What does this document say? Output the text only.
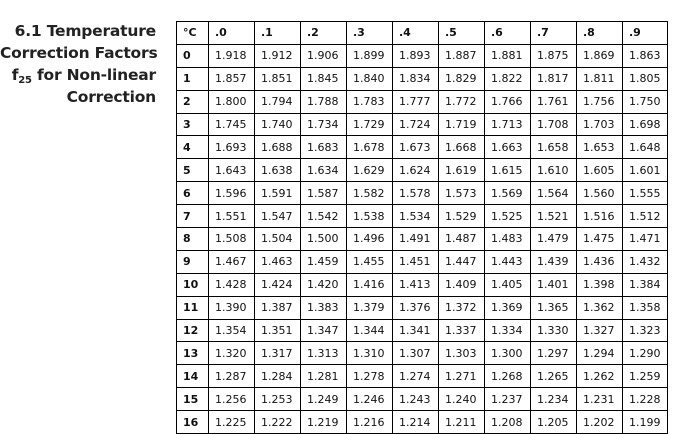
6.1 Temperature
Correction Factors
$f_{25}$ for Non-linear
Correction
°C	.0	.1	.2	.3	.4	.5	.6	.7	.8	.9
0	1.918	1.912	1.906	1.899	1.893	1.887	1.881	1.875	1.869	1.863
1	1.857	1.851	1.845	1.840	1.834	1.829	1.822	1.817	1.811	1.805
2	1.800	1.794	1.788	1.783	1.777	1.772	1.766	1.761	1.756	1.750
3	1.745	1.740	1.734	1.729	1.724	1.719	1.713	1.708	1.703	1.698
4	1.693	1.688	1.683	1.678	1.673	1.668	1.663	1.658	1.653	1.648
5	1.643	1.638	1.634	1.629	1.624	1.619	1.615	1.610	1.605	1.601
6	1.596	1.591	1.587	1.582	1.578	1.573	1.569	1.564	1.560	1.555
7	1.551	1.547	1.542	1.538	1.534	1.529	1.525	1.521	1.516	1.512
8	1.508	1.504	1.500	1.496	1.491	1.487	1.483	1.479	1.475	1.471
9	1.467	1.463	1.459	1.455	1.451	1.447	1.443	1.439	1.436	1.432
10	1.428	1.424	1.420	1.416	1.413	1.409	1.405	1.401	1.398	1.384
11	1.390	1.387	1.383	1.379	1.376	1.372	1.369	1.365	1.362	1.358
12	1.354	1.351	1.347	1.344	1.341	1.337	1.334	1.330	1.327	1.323
13	1.320	1.317	1.313	1.310	1.307	1.303	1.300	1.297	1.294	1.290
14	1.287	1.284	1.281	1.278	1.274	1.271	1.268	1.265	1.262	1.259
15	1.256	1.253	1.249	1.246	1.243	1.240	1.237	1.234	1.231	1.228
16	1.225	1.222	1.219	1.216	1.214	1.211	1.208	1.205	1.202	1.199
